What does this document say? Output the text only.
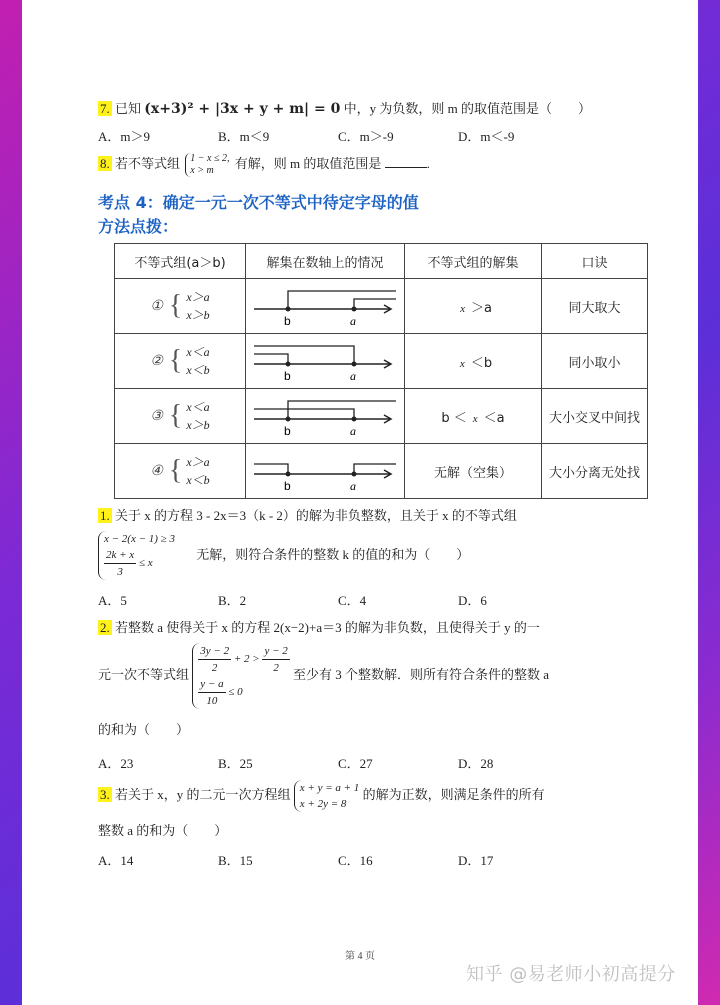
7. 已知 (x+3)² + |3x + y + m| = 0 中，y 为负数，则 m 的取值范围是（　　）
A．m＞9	B．m＜9	C．m＞-9	D．m＜-9
8. 若不等式组 1 − x ≤ 2,
x > m	有解，则 m 的取值范围是	.
考点 4：确定一元一次不等式中待定字母的值
方法点拨：
不等式组(a＞b)	解集在数轴上的情况	不等式组的解集	口诀

① { x＞a
x＞b	b a	x ＞a	同大取大

② { x＜a
x＜b	b a	x ＜b	同小取小

③ { x＜a
x＞b	b a	b ＜ x ＜a	大小交叉中间找

④ { x＞a
x＜b	b a	无解（空集）	大小分离无处找
1. 关于 x 的方程 3 - 2x＝3（k - 2）的解为非负整数，且关于 x 的不等式组
x − 2(x − 1) ≥ 3
$\frac{2k + x}{3} \le x$
无解，则符合条件的整数 k 的值的和为（　　）
A．5	B．2	C．4	D．6
2. 若整数 a 使得关于 x 的方程 2(x−2)+a＝3 的解为非负数，且使得关于 y 的一
元一次不等式组 $\frac{3y - 2}{2} + 2 > \frac{y - 2}{2}$
$\frac{y - a}{10} \le 0$
至少有 3 个整数解．则所有符合条件的整数 a
的和为（　　）
A．23	B．25	C．27	D．28
3. 若关于 x，y 的二元一次方程组 x + y = a + 1
x + 2y = 8
的解为正数，则满足条件的所有
整数 a 的和为（　　）
A．14	B．15	C．16	D．17
第 4 页
知乎 @易老师小初高提分
